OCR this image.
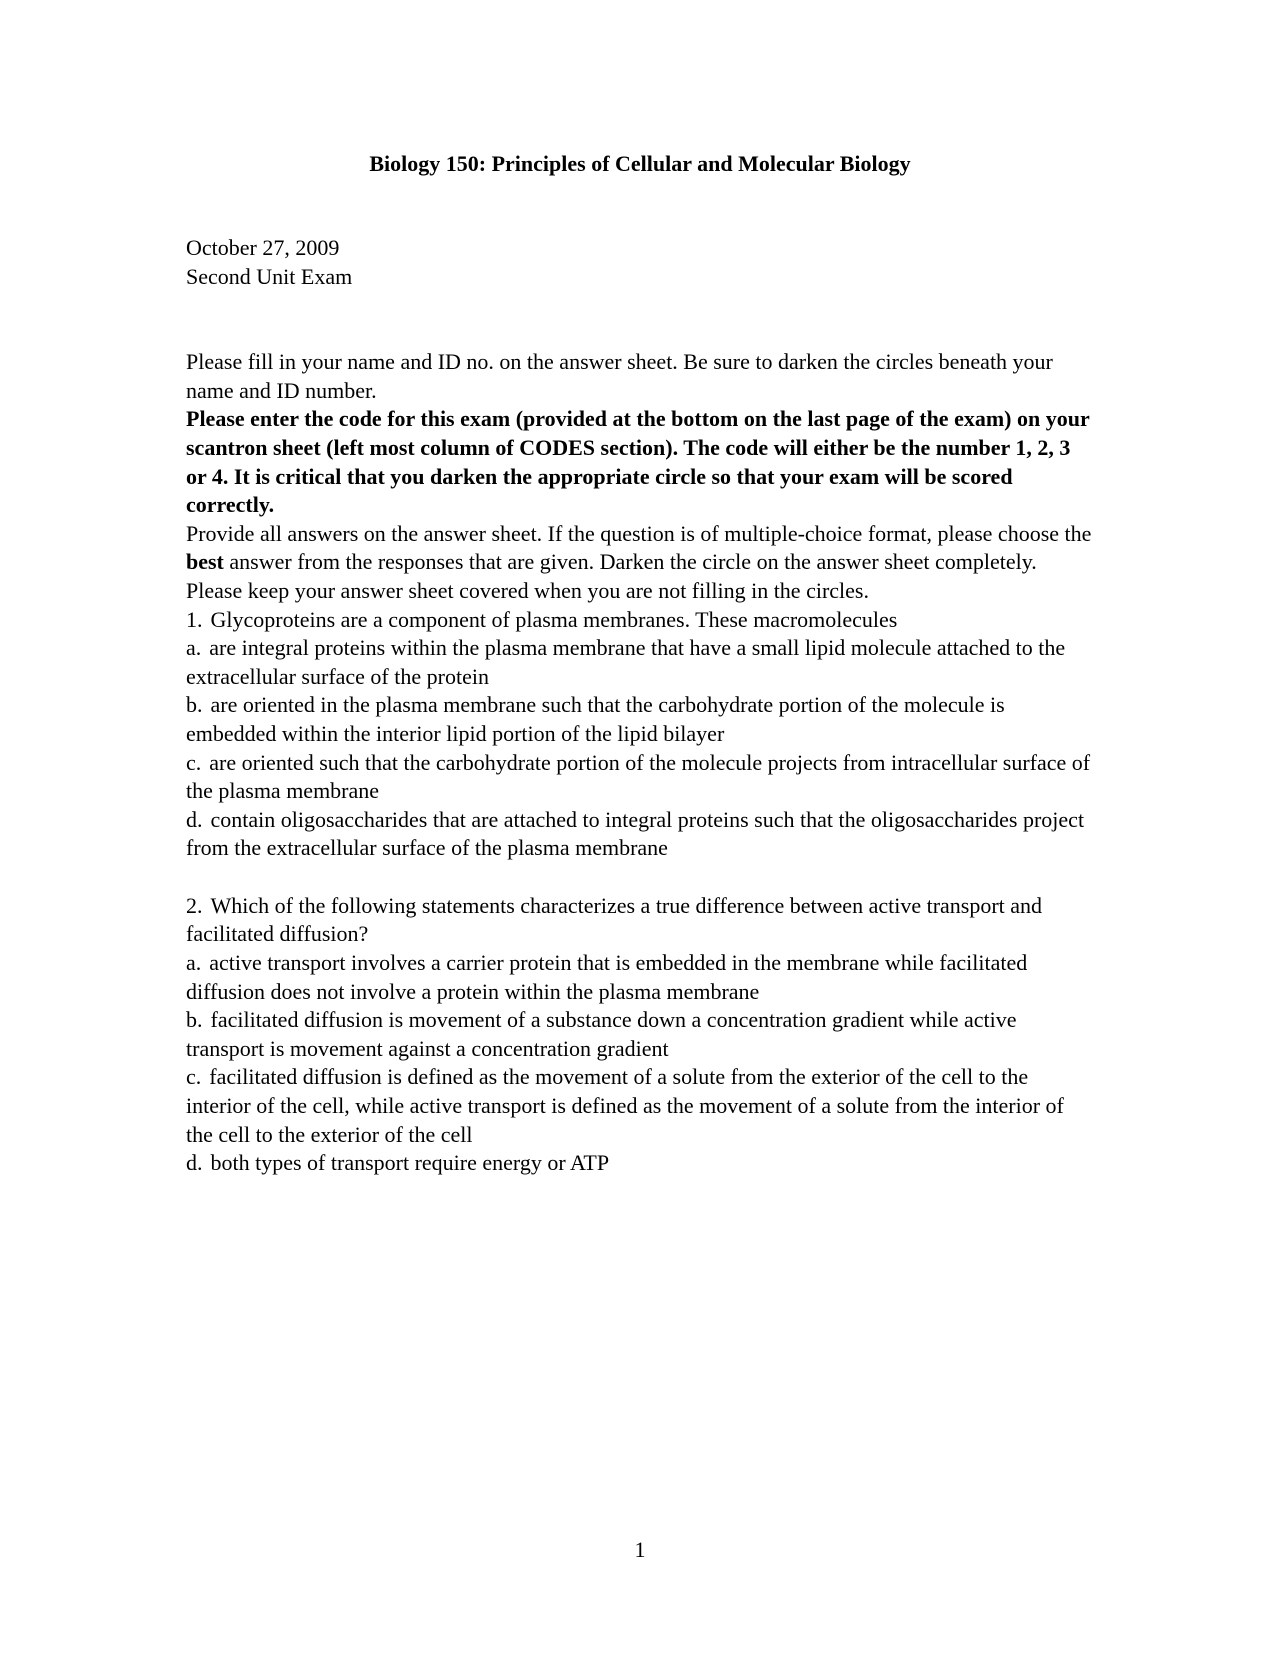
Biology 150: Principles of Cellular and Molecular Biology

October 27, 2009

Second Unit Exam

Please fill in your name and ID no. on the answer sheet. Be sure to darken the circles beneath your name and ID number.

Please enter the code for this exam (provided at the bottom on the last page of the exam) on your scantron sheet (left most column of CODES section). The code will either be the number 1, 2, 3 or 4. It is critical that you darken the appropriate circle so that your exam will be scored correctly.

Provide all answers on the answer sheet. If the question is of multiple-choice format, please choose the best answer from the responses that are given. Darken the circle on the answer sheet completely. Please keep your answer sheet covered when you are not filling in the circles.

1. Glycoproteins are a component of plasma membranes. These macromolecules

a. are integral proteins within the plasma membrane that have a small lipid molecule attached to the extracellular surface of the protein

b. are oriented in the plasma membrane such that the carbohydrate portion of the molecule is embedded within the interior lipid portion of the lipid bilayer

c. are oriented such that the carbohydrate portion of the molecule projects from intracellular surface of the plasma membrane

d. contain oligosaccharides that are attached to integral proteins such that the oligosaccharides project from the extracellular surface of the plasma membrane

2. Which of the following statements characterizes a true difference between active transport and facilitated diffusion?

a. active transport involves a carrier protein that is embedded in the membrane while facilitated diffusion does not involve a protein within the plasma membrane

b. facilitated diffusion is movement of a substance down a concentration gradient while active transport is movement against a concentration gradient

c. facilitated diffusion is defined as the movement of a solute from the exterior of the cell to the interior of the cell, while active transport is defined as the movement of a solute from the interior of the cell to the exterior of the cell

d. both types of transport require energy or ATP

1
